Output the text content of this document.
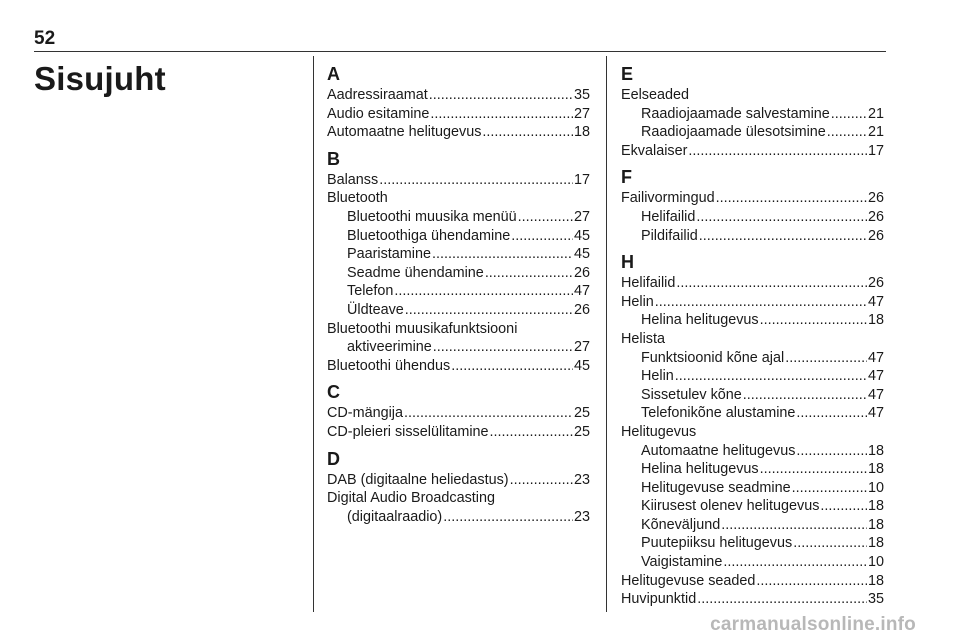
52
Sisujuht	A
Aadressiraamat .....	35
Audio esitamine .....	27
Automaatne helitugevus .....	18
B
Balanss .....	17
Bluetooth
Bluetoothi muusika menüü .....	27
Bluetoothiga ühendamine .....	45
Paaristamine .....	45
Seadme ühendamine .....	26
Telefon .....	47
Üldteave .....	26
Bluetoothi muusikafunktsiooni
aktiveerimine .....	27
Bluetoothi ühendus .....	45
C
CD-mängija .....	25
CD-pleieri sisselülitamine .....	25
D
DAB (digitaalne heliedastus) .....	23
Digital Audio Broadcasting
(digitaalraadio) .....	23
E
Eelseaded
Raadiojaamade salvestamine .....	21
Raadiojaamade ülesotsimine .....	21
Ekvalaiser .....	17
F
Failivormingud .....	26
Helifailid .....	26
Pildifailid .....	26
H
Helifailid .....	26
Helin .....	47
Helina helitugevus .....	18
Helista
Funktsioonid kõne ajal .....	47
Helin .....	47
Sissetulev kõne .....	47
Telefonikõne alustamine .....	47
Helitugevus
Automaatne helitugevus .....	18
Helina helitugevus .....	18
Helitugevuse seadmine .....	10
Kiirusest olenev helitugevus .....	18
Kõneväljund .....	18
Puutepiiksu helitugevus .....	18
Vaigistamine .....	10
Helitugevuse seaded .....	18
Huvipunktid .....	35
carmanualsonline.info
